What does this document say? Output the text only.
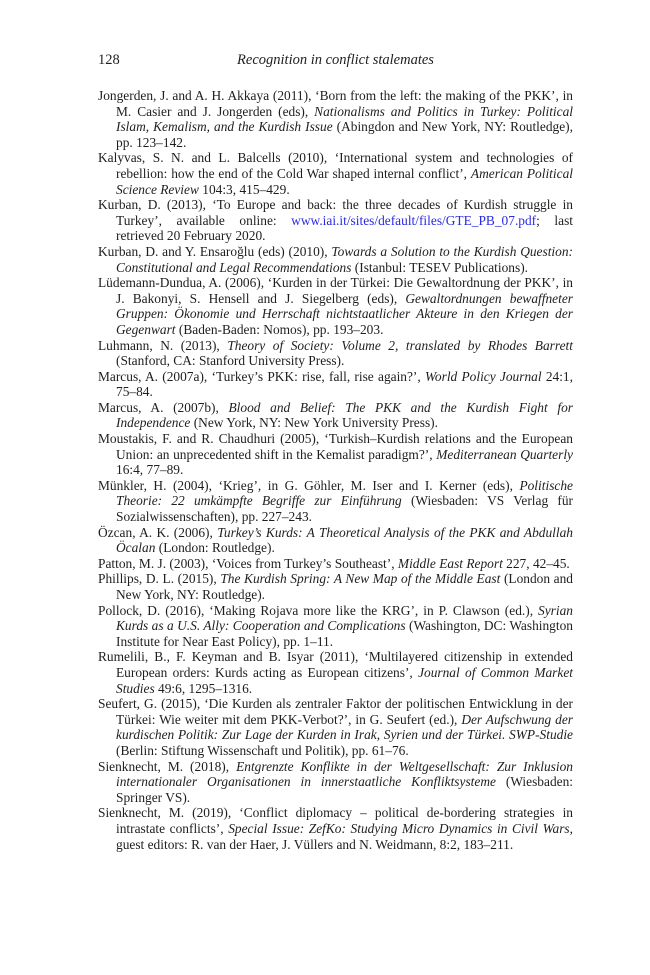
128	Recognition in conflict stalemates

Jongerden, J. and A. H. Akkaya (2011), ‘Born from the left: the making of the PKK’, in M. Casier and J. Jongerden (eds), Nationalisms and Politics in Turkey: Political Islam, Kemalism, and the Kurdish Issue (Abingdon and New York, NY: Routledge), pp. 123–142.

Kalyvas, S. N. and L. Balcells (2010), ‘International system and technologies of rebellion: how the end of the Cold War shaped internal conflict’, American Political Science Review 104:3, 415–429.

Kurban, D. (2013), ‘To Europe and back: the three decades of Kurdish struggle in Turkey’, available online: www.iai.it/sites/default/files/GTE_PB_07.pdf; last retrieved 20 February 2020.

Kurban, D. and Y. Ensaroğlu (eds) (2010), Towards a Solution to the Kurdish Question: Constitutional and Legal Recommendations (Istanbul: TESEV Publications).

Lüdemann-Dundua, A. (2006), ‘Kurden in der Türkei: Die Gewaltordnung der PKK’, in J. Bakonyi, S. Hensell and J. Siegelberg (eds), Gewaltordnungen bewaffneter Gruppen: Ökonomie und Herrschaft nichtstaatlicher Akteure in den Kriegen der Gegenwart (Baden-Baden: Nomos), pp. 193–203.

Luhmann, N. (2013), Theory of Society: Volume 2, translated by Rhodes Barrett (Stanford, CA: Stanford University Press).

Marcus, A. (2007a), ‘Turkey’s PKK: rise, fall, rise again?’, World Policy Journal 24:1, 75–84.

Marcus, A. (2007b), Blood and Belief: The PKK and the Kurdish Fight for Independence (New York, NY: New York University Press).

Moustakis, F. and R. Chaudhuri (2005), ‘Turkish–Kurdish relations and the European Union: an unprecedented shift in the Kemalist paradigm?’, Mediterranean Quarterly 16:4, 77–89.

Münkler, H. (2004), ‘Krieg’, in G. Göhler, M. Iser and I. Kerner (eds), Politische Theorie: 22 umkämpfte Begriffe zur Einführung (Wiesbaden: VS Verlag für Sozialwissenschaften), pp. 227–243.

Özcan, A. K. (2006), Turkey’s Kurds: A Theoretical Analysis of the PKK and Abdullah Öcalan (London: Routledge).

Patton, M. J. (2003), ‘Voices from Turkey’s Southeast’, Middle East Report 227, 42–45.

Phillips, D. L. (2015), The Kurdish Spring: A New Map of the Middle East (London and New York, NY: Routledge).

Pollock, D. (2016), ‘Making Rojava more like the KRG’, in P. Clawson (ed.), Syrian Kurds as a U.S. Ally: Cooperation and Complications (Washington, DC: Washington Institute for Near East Policy), pp. 1–11.

Rumelili, B., F. Keyman and B. Isyar (2011), ‘Multilayered citizenship in extended European orders: Kurds acting as European citizens’, Journal of Common Market Studies 49:6, 1295–1316.

Seufert, G. (2015), ‘Die Kurden als zentraler Faktor der politischen Entwicklung in der Türkei: Wie weiter mit dem PKK-Verbot?’, in G. Seufert (ed.), Der Aufschwung der kurdischen Politik: Zur Lage der Kurden in Irak, Syrien und der Türkei. SWP-Studie (Berlin: Stiftung Wissenschaft und Politik), pp. 61–76.

Sienknecht, M. (2018), Entgrenzte Konflikte in der Weltgesellschaft: Zur Inklusion internationaler Organisationen in innerstaatliche Konfliktsysteme (Wiesbaden: Springer VS).

Sienknecht, M. (2019), ‘Conflict diplomacy – political de-bordering strategies in intrastate conflicts’, Special Issue: ZefKo: Studying Micro Dynamics in Civil Wars, guest editors: R. van der Haer, J. Vüllers and N. Weidmann, 8:2, 183–211.
